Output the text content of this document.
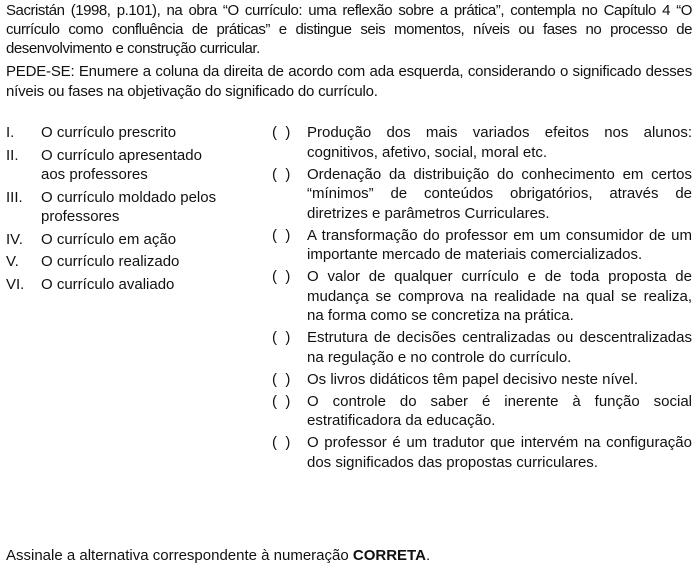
Sacristán (1998, p.101), na obra “O currículo: uma reflexão sobre a prática”, contempla no Capítulo 4 “O currículo como confluência de práticas” e distingue seis momentos, níveis ou fases no processo de desenvolvimento e construção curricular.
PEDE-SE: Enumere a coluna da direita de acordo com ada esquerda, considerando o significado desses níveis ou fases na objetivação do significado do currículo.
I.	O currículo prescrito
II.	O currículo apresentado aos professores
III.	O currículo moldado pelos professores
IV.	O currículo em ação
V.	O currículo realizado
VI.	O currículo avaliado
(  )	Produção dos mais variados efeitos nos alunos: cognitivos, afetivo, social, moral etc.
(  )	Ordenação da distribuição do conhecimento em certos “mínimos” de conteúdos obrigatórios, através de diretrizes e parâmetros Curriculares.
(  )	A transformação do professor em um consumidor de um importante mercado de materiais comercializados.
(  )	O valor de qualquer currículo e de toda proposta de mudança se comprova na realidade na qual se realiza, na forma como se concretiza na prática.
(  )	Estrutura de decisões centralizadas ou descentralizadas na regulação e no controle do currículo.
(  )	Os livros didáticos têm papel decisivo neste nível.
(  )	O controle do saber é inerente à função social estratificadora da educação.
(  )	O professor é um tradutor que intervém na configuração dos significados das propostas curriculares.
Assinale a alternativa correspondente à numeração CORRETA.
